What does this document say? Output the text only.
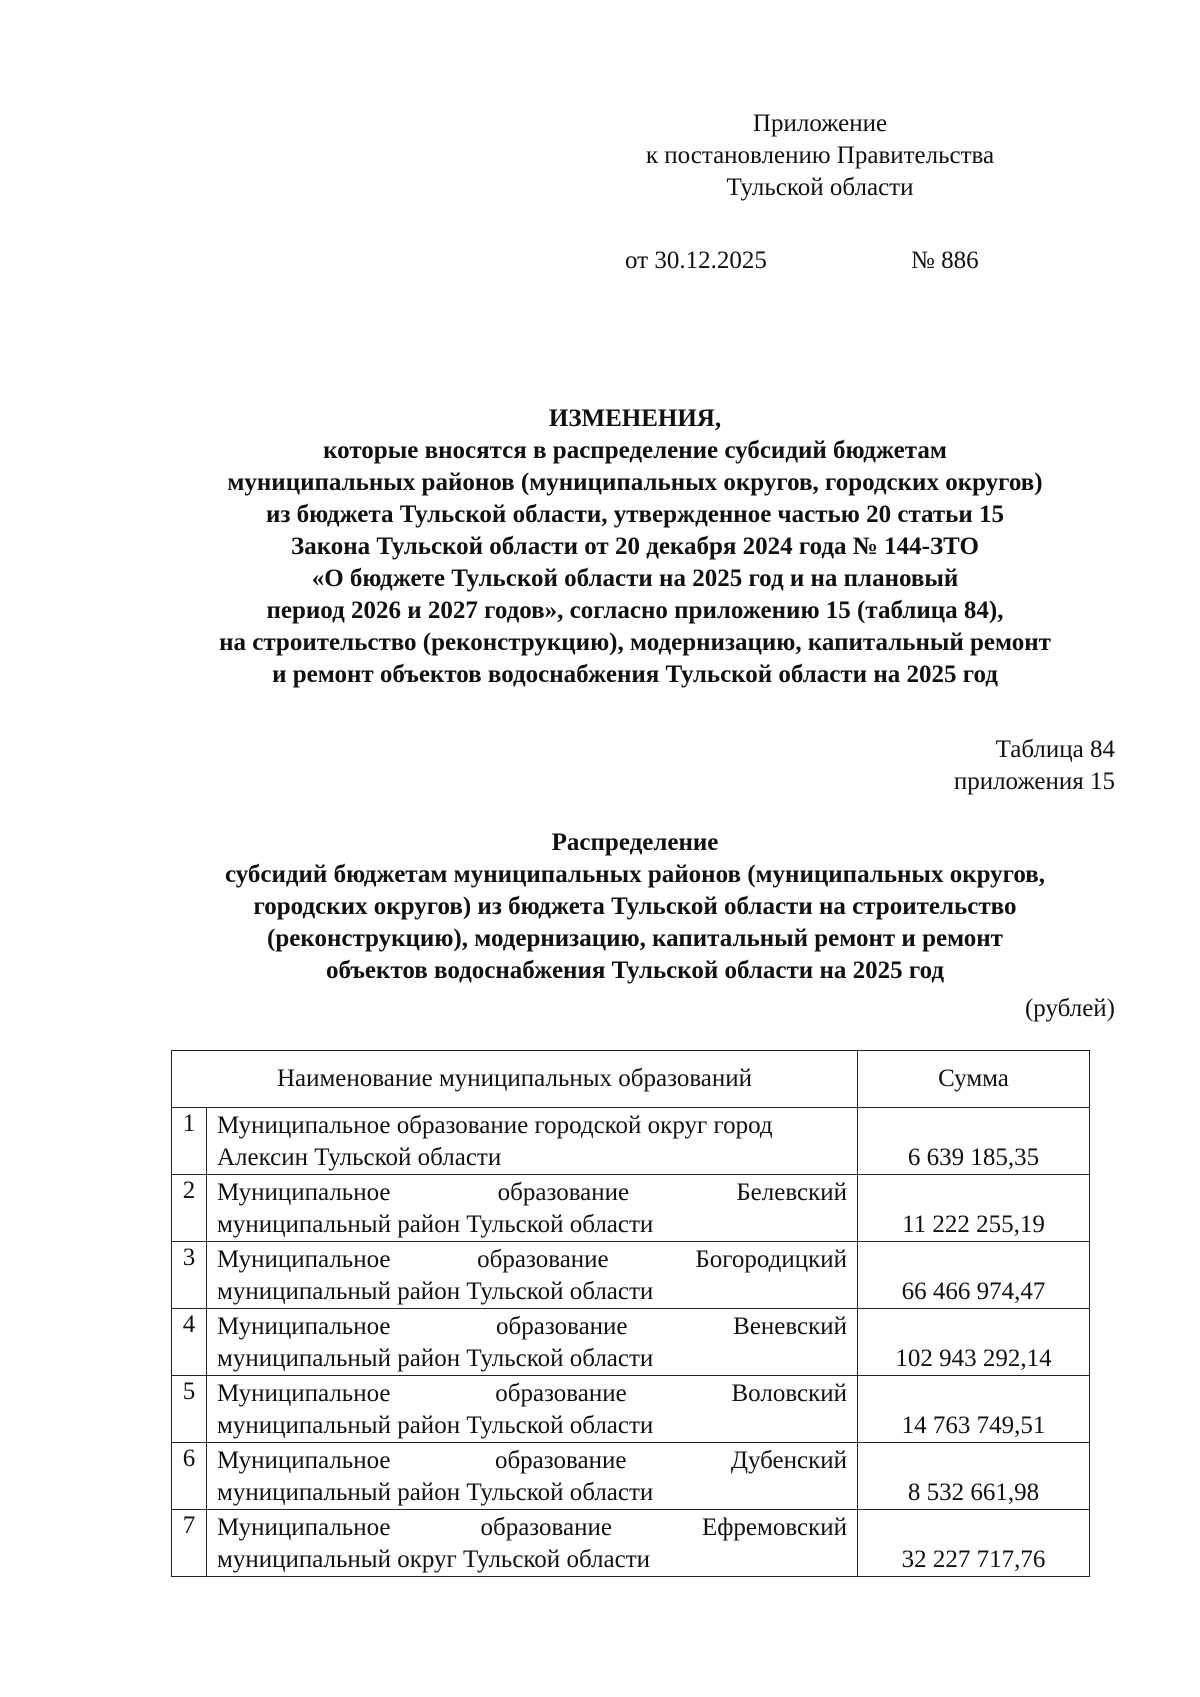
Приложение
к постановлению Правительства
Тульской области
от 30.12.2025	№ 886
ИЗМЕНЕНИЯ,
которые вносятся в распределение субсидий бюджетам
муниципальных районов (муниципальных округов, городских округов)
из бюджета Тульской области, утвержденное частью 20 статьи 15
Закона Тульской области от 20 декабря 2024 года № 144-ЗТО
«О бюджете Тульской области на 2025 год и на плановый
период 2026 и 2027 годов», согласно приложению 15 (таблица 84),
на строительство (реконструкцию), модернизацию, капитальный ремонт
и ремонт объектов водоснабжения Тульской области на 2025 год
Таблица 84
приложения 15
Распределение
субсидий бюджетам муниципальных районов (муниципальных округов,
городских округов) из бюджета Тульской области на строительство
(реконструкцию), модернизацию, капитальный ремонт и ремонт
объектов водоснабжения Тульской области на 2025 год
(рублей)
Наименование муниципальных образований		Сумма
1	Муниципальное образование городской округ город
Алексин Тульской области	6 639 185,35
2	Муниципальное образование Белевский
муниципальный район Тульской области	11 222 255,19
3	Муниципальное образование Богородицкий
муниципальный район Тульской области	66 466 974,47
4	Муниципальное образование Веневский
муниципальный район Тульской области	102 943 292,14
5	Муниципальное образование Воловский
муниципальный район Тульской области	14 763 749,51
6	Муниципальное образование Дубенский
муниципальный район Тульской области	8 532 661,98
7	Муниципальное образование Ефремовский
муниципальный округ Тульской области	32 227 717,76
